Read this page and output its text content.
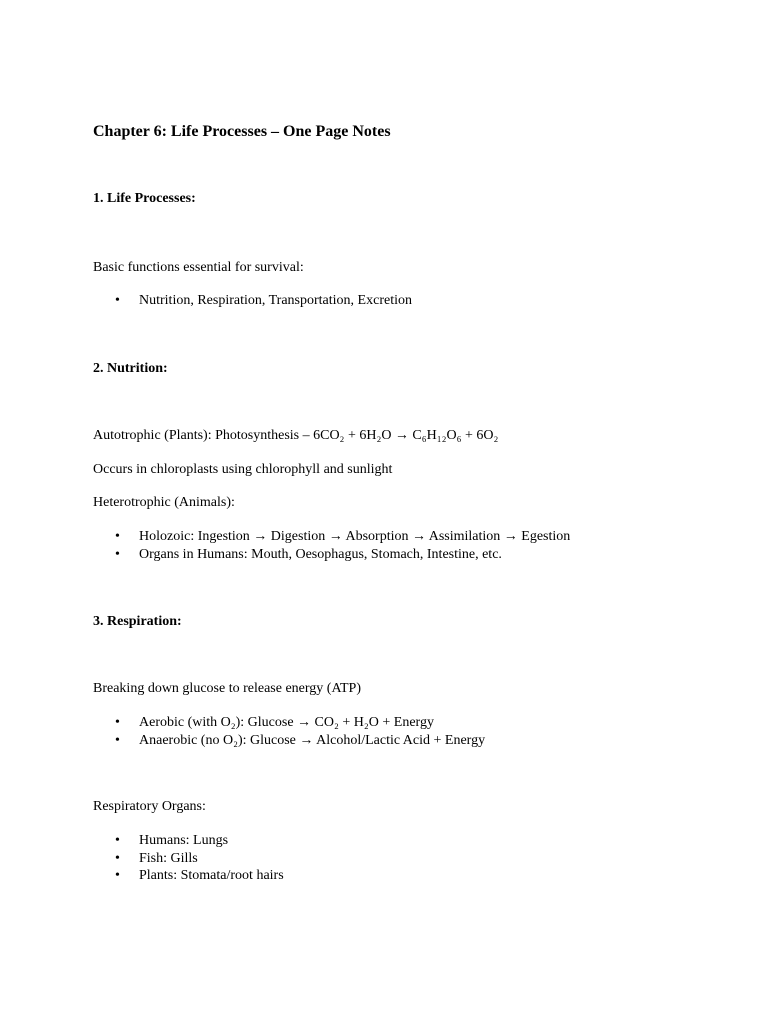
Chapter 6: Life Processes – One Page Notes
1. Life Processes:
Basic functions essential for survival:
•	Nutrition, Respiration, Transportation, Excretion
2. Nutrition:
Autotrophic (Plants): Photosynthesis – 6CO₂ + 6H₂O → C₆H₁₂O₆ + 6O₂
Occurs in chloroplasts using chlorophyll and sunlight
Heterotrophic (Animals):
•	Holozoic: Ingestion → Digestion → Absorption → Assimilation → Egestion
•	Organs in Humans: Mouth, Oesophagus, Stomach, Intestine, etc.
3. Respiration:
Breaking down glucose to release energy (ATP)
•	Aerobic (with O₂): Glucose → CO₂ + H₂O + Energy
•	Anaerobic (no O₂): Glucose → Alcohol/Lactic Acid + Energy
Respiratory Organs:
•	Humans: Lungs
•	Fish: Gills
•	Plants: Stomata/root hairs
